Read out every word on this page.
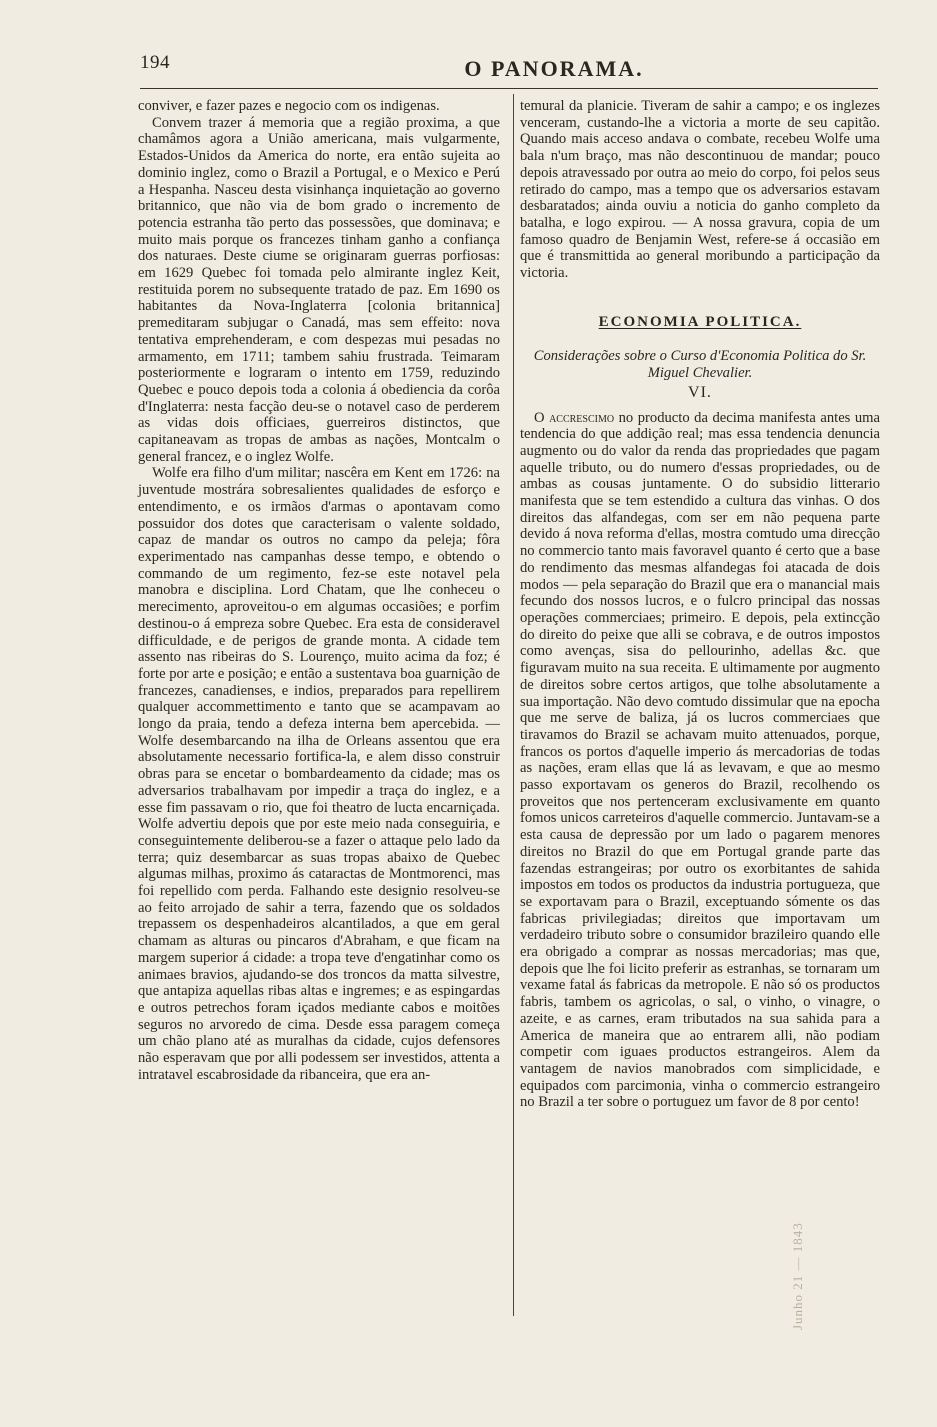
194	O PANORAMA.

conviver, e fazer pazes e negocio com os indigenas.

Convem trazer á memoria que a região proxima, a que chamâmos agora a União americana, mais vulgarmente, Estados-Unidos da America do norte, era então sujeita ao dominio inglez, como o Brazil a Portugal, e o Mexico e Perú a Hespanha. Nasceu desta visinhança inquietação ao governo britannico, que não via de bom grado o incremento de potencia estranha tão perto das possessões, que dominava; e muito mais porque os francezes tinham ganho a confiança dos naturaes. Deste ciume se originaram guerras porfiosas: em 1629 Quebec foi tomada pelo almirante inglez Keit, restituida porem no subsequente tratado de paz. Em 1690 os habitantes da Nova-Inglaterra [colonia britannica] premeditaram subjugar o Canadá, mas sem effeito: nova tentativa emprehenderam, e com despezas mui pesadas no armamento, em 1711; tambem sahiu frustrada. Teimaram posteriormente e lograram o intento em 1759, reduzindo Quebec e pouco depois toda a colonia á obediencia da corôa d'Inglaterra: nesta facção deu-se o notavel caso de perderem as vidas dois officiaes, guerreiros distinctos, que capitaneavam as tropas de ambas as nações, Montcalm o general francez, e o inglez Wolfe.

Wolfe era filho d'um militar; nascêra em Kent em 1726: na juventude mostrára sobresalientes qualidades de esforço e entendimento, e os irmãos d'armas o apontavam como possuidor dos dotes que caracterisam o valente soldado, capaz de mandar os outros no campo da peleja; fôra experimentado nas campanhas desse tempo, e obtendo o commando de um regimento, fez-se este notavel pela manobra e disciplina. Lord Chatam, que lhe conheceu o merecimento, aproveitou-o em algumas occasiões; e porfim destinou-o á empreza sobre Quebec. Era esta de consideravel difficuldade, e de perigos de grande monta. A cidade tem assento nas ribeiras do S. Lourenço, muito acima da foz; é forte por arte e posição; e então a sustentava boa guarnição de francezes, canadienses, e indios, preparados para repellirem qualquer accommettimento e tanto que se acampavam ao longo da praia, tendo a defeza interna bem apercebida. — Wolfe desembarcando na ilha de Orleans assentou que era absolutamente necessario fortifica-la, e alem disso construir obras para se encetar o bombardeamento da cidade; mas os adversarios trabalhavam por impedir a traça do inglez, e a esse fim passavam o rio, que foi theatro de lucta encarniçada. Wolfe advertiu depois que por este meio nada conseguiria, e conseguintemente deliberou-se a fazer o attaque pelo lado da terra; quiz desembarcar as suas tropas abaixo de Quebec algumas milhas, proximo ás cataractas de Montmorenci, mas foi repellido com perda. Falhando este designio resolveu-se ao feito arrojado de sahir a terra, fazendo que os soldados trepassem os despenhadeiros alcantilados, a que em geral chamam as alturas ou pincaros d'Abraham, e que ficam na margem superior á cidade: a tropa teve d'engatinhar como os animaes bravios, ajudando-se dos troncos da matta silvestre, que antapiza aquellas ribas altas e ingremes; e as espingardas e outros petrechos foram içados mediante cabos e moitões seguros no arvoredo de cima. Desde essa paragem começa um chão plano até as muralhas da cidade, cujos defensores não esperavam que por alli podessem ser investidos, attenta a intratavel escabrosidade da ribanceira, que era an-

temural da planicie. Tiveram de sahir a campo; e os inglezes venceram, custando-lhe a victoria a morte de seu capitão. Quando mais acceso andava o combate, recebeu Wolfe uma bala n'um braço, mas não descontinuou de mandar; pouco depois atravessado por outra ao meio do corpo, foi pelos seus retirado do campo, mas a tempo que os adversarios estavam desbaratados; ainda ouviu a noticia do ganho completo da batalha, e logo expirou. — A nossa gravura, copia de um famoso quadro de Benjamin West, refere-se á occasião em que é transmittida ao general moribundo a participação da victoria.

ECONOMIA POLITICA.
Considerações sobre o Curso d'Economia Politica do Sr. Miguel Chevalier.
VI.

O accrescimo no producto da decima manifesta antes uma tendencia do que addição real; mas essa tendencia denuncia augmento ou do valor da renda das propriedades que pagam aquelle tributo, ou do numero d'essas propriedades, ou de ambas as cousas juntamente. O do subsidio litterario manifesta que se tem estendido a cultura das vinhas. O dos direitos das alfandegas, com ser em não pequena parte devido á nova reforma d'ellas, mostra comtudo uma direcção no commercio tanto mais favoravel quanto é certo que a base do rendimento das mesmas alfandegas foi atacada de dois modos — pela separação do Brazil que era o manancial mais fecundo dos nossos lucros, e o fulcro principal das nossas operações commerciaes; primeiro. E depois, pela extincção do direito do peixe que alli se cobrava, e de outros impostos como avenças, sisa do pellourinho, adellas &c. que figuravam muito na sua receita. E ultimamente por augmento de direitos sobre certos artigos, que tolhe absolutamente a sua importação. Não devo comtudo dissimular que na epocha que me serve de baliza, já os lucros commerciaes que tiravamos do Brazil se achavam muito attenuados, porque, francos os portos d'aquelle imperio ás mercadorias de todas as nações, eram ellas que lá as levavam, e que ao mesmo passo exportavam os generos do Brazil, recolhendo os proveitos que nos pertenceram exclusivamente em quanto fomos unicos carreteiros d'aquelle commercio. Juntavam-se a esta causa de depressão por um lado o pagarem menores direitos no Brazil do que em Portugal grande parte das fazendas estrangeiras; por outro os exorbitantes de sahida impostos em todos os productos da industria portugueza, que se exportavam para o Brazil, exceptuando sómente os das fabricas privilegiadas; direitos que importavam um verdadeiro tributo sobre o consumidor brazileiro quando elle era obrigado a comprar as nossas mercadorias; mas que, depois que lhe foi licito preferir as estranhas, se tornaram um vexame fatal ás fabricas da metropole. E não só os productos fabris, tambem os agricolas, o sal, o vinho, o vinagre, o azeite, e as carnes, eram tributados na sua sahida para a America de maneira que ao entrarem alli, não podiam competir com iguaes productos estrangeiros. Alem da vantagem de navios manobrados com simplicidade, e equipados com parcimonia, vinha o commercio estrangeiro no Brazil a ter sobre o portuguez um favor de 8 por cento!

Junho 21 — 1843
